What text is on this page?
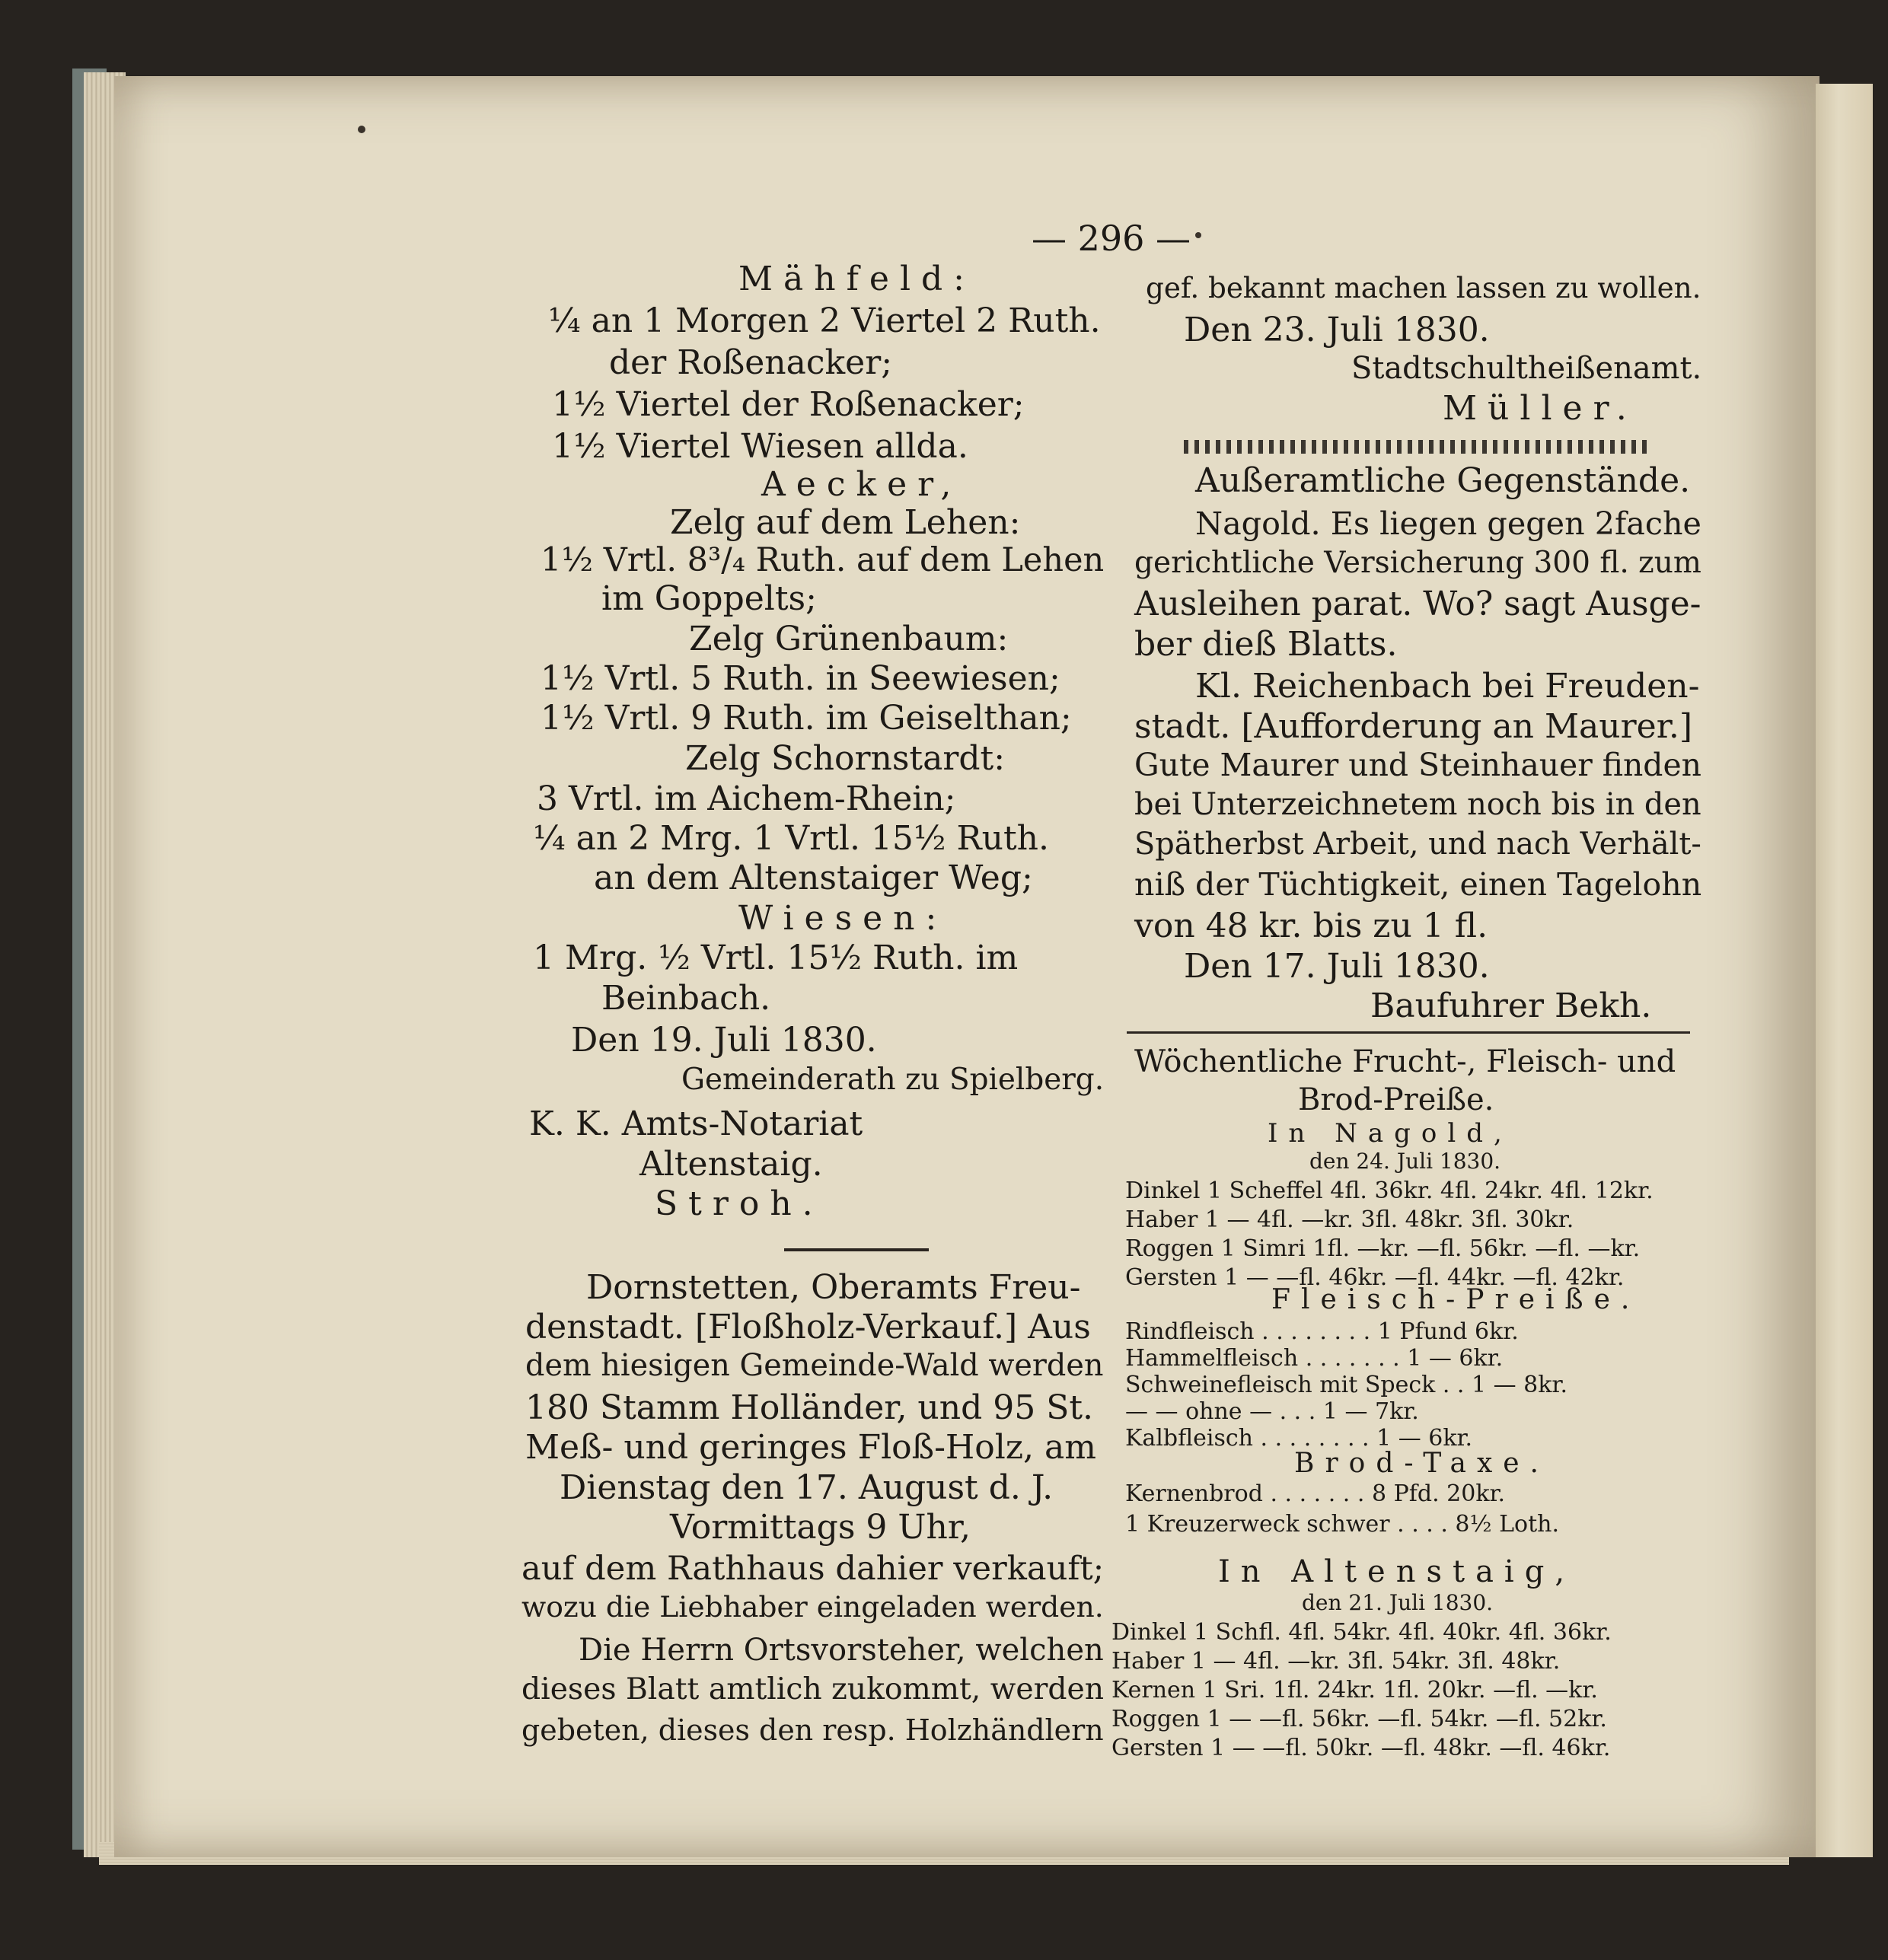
— 296 —
Mähfeld:
¼ an 1 Morgen 2 Viertel 2 Ruth.
der Roßenacker;
1½ Viertel der Roßenacker;
1½ Viertel Wiesen allda.
Aecker,
Zelg auf dem Lehen:
1½ Vrtl. 8³/₄ Ruth. auf dem Lehen
im Goppelts;
Zelg Grünenbaum:
1½ Vrtl. 5 Ruth. in Seewiesen;
1½ Vrtl. 9 Ruth. im Geiselthan;
Zelg Schornstardt:
3 Vrtl. im Aichem-Rhein;
¼ an 2 Mrg. 1 Vrtl. 15½ Ruth.
an dem Altenstaiger Weg;
Wiesen:
1 Mrg. ½ Vrtl. 15½ Ruth. im
Beinbach.
Den 19. Juli 1830.
Gemeinderath zu Spielberg.
K. K. Amts-Notariat
Altenstaig.
Stroh.
Dornstetten, Oberamts Freu-
denstadt. [Floßholz-Verkauf.] Aus
dem hiesigen Gemeinde-Wald werden
180 Stamm Holländer, und 95 St.
Meß- und geringes Floß-Holz, am
Dienstag den 17. August d. J.
Vormittags 9 Uhr,
auf dem Rathhaus dahier verkauft;
wozu die Liebhaber eingeladen werden.
Die Herrn Ortsvorsteher, welchen
dieses Blatt amtlich zukommt, werden
gebeten, dieses den resp. Holzhändlern
gef. bekannt machen lassen zu wollen.
Den 23. Juli 1830.
Stadtschultheißenamt.
Müller.
Außeramtliche Gegenstände.
Nagold. Es liegen gegen 2fache
gerichtliche Versicherung 300 fl. zum
Ausleihen parat. Wo? sagt Ausge-
ber dieß Blatts.
Kl. Reichenbach bei Freuden-
stadt. [Aufforderung an Maurer.]
Gute Maurer und Steinhauer finden
bei Unterzeichnetem noch bis in den
Spätherbst Arbeit, und nach Verhält-
niß der Tüchtigkeit, einen Tagelohn
von 48 kr. bis zu 1 fl.
Den 17. Juli 1830.
Baufuhrer Bekh.
Wöchentliche Frucht-, Fleisch- und
Brod-Preiße.
In Nagold,
den 24. Juli 1830.
Dinkel 1 Scheffel 4fl. 36kr. 4fl. 24kr. 4fl. 12kr.
Haber 1 — 4fl. —kr. 3fl. 48kr. 3fl. 30kr.
Roggen 1 Simri 1fl. —kr. —fl. 56kr. —fl. —kr.
Gersten 1 — —fl. 46kr. —fl. 44kr. —fl. 42kr.
Fleisch-Preiße.
Rindfleisch . . . . . . . . 1 Pfund 6kr.
Hammelfleisch . . . . . . . 1 — 6kr.
Schweinefleisch mit Speck . . 1 — 8kr.
— — ohne — . . . 1 — 7kr.
Kalbfleisch . . . . . . . . 1 — 6kr.
Brod-Taxe.
Kernenbrod . . . . . . . 8 Pfd. 20kr.
1 Kreuzerweck schwer . . . . 8½ Loth.
In Altenstaig,
den 21. Juli 1830.
Dinkel 1 Schfl. 4fl. 54kr. 4fl. 40kr. 4fl. 36kr.
Haber 1 — 4fl. —kr. 3fl. 54kr. 3fl. 48kr.
Kernen 1 Sri. 1fl. 24kr. 1fl. 20kr. —fl. —kr.
Roggen 1 — —fl. 56kr. —fl. 54kr. —fl. 52kr.
Gersten 1 — —fl. 50kr. —fl. 48kr. —fl. 46kr.
